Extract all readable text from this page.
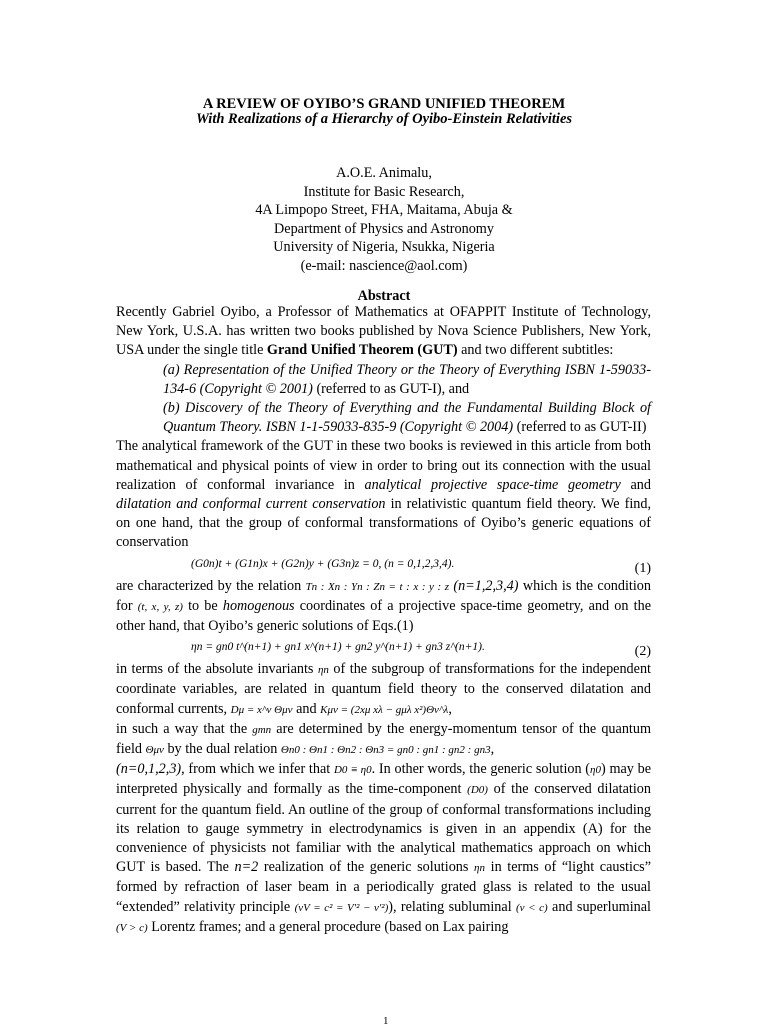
A REVIEW OF OYIBO’S GRAND UNIFIED THEOREM
With Realizations of a Hierarchy of Oyibo-Einstein Relativities
A.O.E. Animalu,
Institute for Basic Research,
4A Limpopo Street, FHA, Maitama, Abuja &
Department of Physics and Astronomy
University of Nigeria, Nsukka, Nigeria
(e-mail: nascience@aol.com)
Abstract

Recently Gabriel Oyibo, a Professor of Mathematics at OFAPPIT Institute of Technology, New York, U.S.A. has written two books published by Nova Science Publishers, New York, USA under the single title Grand Unified Theorem (GUT) and two different subtitles:

(a) Representation of the Unified Theory or the Theory of Everything ISBN 1-59033-134-6 (Copyright © 2001) (referred to as GUT-I), and

(b) Discovery of the Theory of Everything and the Fundamental Building Block of Quantum Theory. ISBN 1-1-59033-835-9 (Copyright © 2004) (referred to as GUT-II)

The analytical framework of the GUT in these two books is reviewed in this article from both mathematical and physical points of view in order to bring out its connection with the usual realization of conformal invariance in analytical projective space-time geometry and dilatation and conformal current conservation in relativistic quantum field theory. We find, on one hand, that the group of conformal transformations of Oyibo’s generic equations of conservation

(G0n)t + (G1n)x + (G2n)y + (G3n)z = 0, (n = 0,1,2,3,4).	(1)

are characterized by the relation Tn : Xn : Yn : Zn = t : x : y : z (n=1,2,3,4) which is the condition for (t, x, y, z) to be homogenous coordinates of a projective space-time geometry, and on the other hand, that Oyibo’s generic solutions of Eqs.(1)

ηn = gn0 t^(n+1) + gn1 x^(n+1) + gn2 y^(n+1) + gn3 z^(n+1).	(2)

in terms of the absolute invariants ηn of the subgroup of transformations for the independent coordinate variables, are related in quantum field theory to the conserved dilatation and conformal currents, Dμ = x^ν Θμν and Kμν = (2xμ xλ − gμλ x²)Θν^λ,

in such a way that the gmn are determined by the energy-momentum tensor of the quantum field Θμν by the dual relation Θn0 : Θn1 : Θn2 : Θn3 = gn0 : gn1 : gn2 : gn3,

(n=0,1,2,3), from which we infer that D0 ≡ η0. In other words, the generic solution (η0) may be interpreted physically and formally as the time-component (D0) of the conserved dilatation current for the quantum field. An outline of the group of conformal transformations including its relation to gauge symmetry in electrodynamics is given in an appendix (A) for the convenience of physicists not familiar with the analytical mathematics approach on which GUT is based. The n=2 realization of the generic solutions ηn in terms of “light caustics” formed by refraction of laser beam in a periodically grated glass is related to the usual “extended” relativity principle (vV = c² = V′² − v′²)), relating subluminal (v < c) and superluminal (V > c) Lorentz frames; and a general procedure (based on Lax pairing

1
